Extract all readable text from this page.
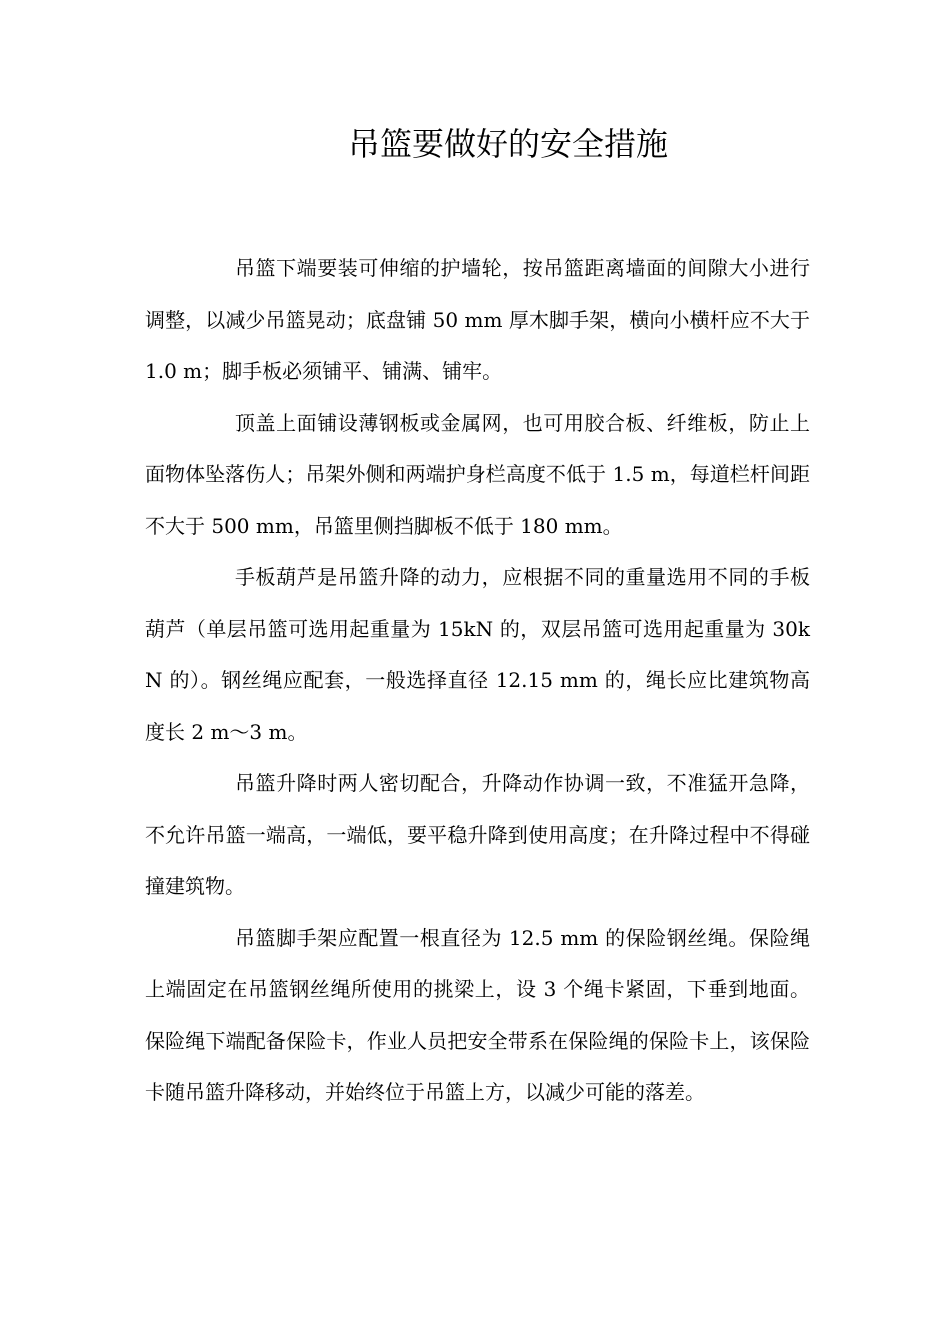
吊篮要做好的安全措施

吊篮下端要装可伸缩的护墙轮，按吊篮距离墙面的间隙大小进行调整，以减少吊篮晃动；底盘铺 50 mm 厚木脚手架，横向小横杆应不大于 1.0 m；脚手板必须铺平、铺满、铺牢。

顶盖上面铺设薄钢板或金属网，也可用胶合板、纤维板，防止上面物体坠落伤人；吊架外侧和两端护身栏高度不低于 1.5 m，每道栏杆间距不大于 500 mm，吊篮里侧挡脚板不低于 180 mm。

手板葫芦是吊篮升降的动力，应根据不同的重量选用不同的手板葫芦（单层吊篮可选用起重量为 15kN 的，双层吊篮可选用起重量为 30kN 的）。钢丝绳应配套，一般选择直径 12.15 mm 的，绳长应比建筑物高度长 2 m～3 m。

吊篮升降时两人密切配合，升降动作协调一致，不准猛开急降，不允许吊篮一端高，一端低，要平稳升降到使用高度；在升降过程中不得碰撞建筑物。

吊篮脚手架应配置一根直径为 12.5 mm 的保险钢丝绳。保险绳上端固定在吊篮钢丝绳所使用的挑梁上，设 3 个绳卡紧固，下垂到地面。保险绳下端配备保险卡，作业人员把安全带系在保险绳的保险卡上，该保险卡随吊篮升降移动，并始终位于吊篮上方，以减少可能的落差。
